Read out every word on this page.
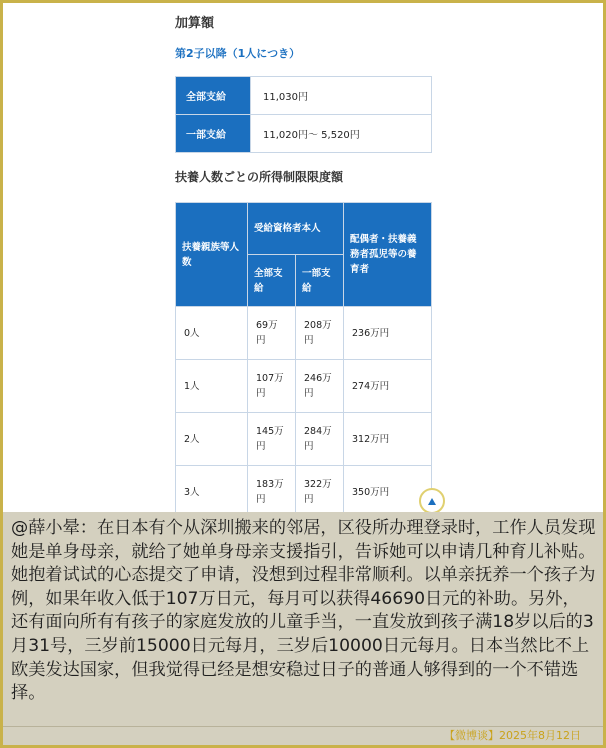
加算額
第2子以降（1人につき）
全部支給	11,030円
一部支給	11,020円～ 5,520円
扶養人数ごとの所得制限限度額
扶養親族等人数	受給資格者本人		配偶者・扶養義務者孤児等の養育者
	全部支給	一部支給	
0人	69万円	208万円	236万円
1人	107万円	246万円	274万円
2人	145万円	284万円	312万円
3人	183万円	322万円	350万円
@薛小晕：在日本有个从深圳搬来的邻居，区役所办理登录时，工作人员发现她是单身母亲，就给了她单身母亲支援指引，告诉她可以申请几种育儿补贴。她抱着试试的心态提交了申请，没想到过程非常顺利。以单亲抚养一个孩子为例，如果年收入低于107万日元，每月可以获得46690日元的补助。另外，还有面向所有有孩子的家庭发放的儿童手当，一直发放到孩子满18岁以后的3月31号，三岁前15000日元每月，三岁后10000日元每月。日本当然比不上欧美发达国家，但我觉得已经是想安稳过日子的普通人够得到的一个不错选择。
【微博谈】2025年8月12日
